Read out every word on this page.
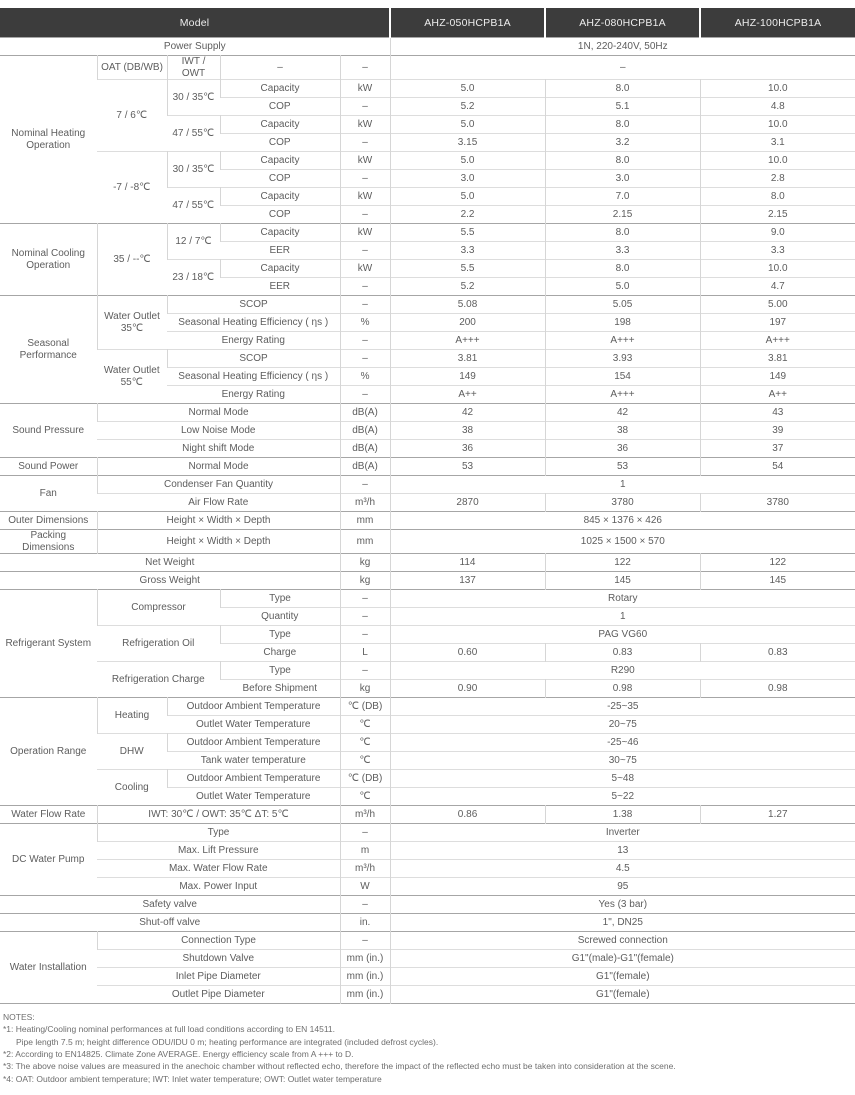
Model					AHZ-050HCPB1A	AHZ-080HCPB1A	AHZ-100HCPB1A
Power Supply					1N, 220-240V, 50Hz		
Nominal Heating Operation	OAT (DB/WB)	IWT / OWT	–	–	–		
	7 / 6℃	30 / 35℃	Capacity	kW	5.0	8.0	10.0
			COP	–	5.2	5.1	4.8
		47 / 55℃	Capacity	kW	5.0	8.0	10.0
			COP	–	3.15	3.2	3.1
	-7 / -8℃	30 / 35℃	Capacity	kW	5.0	8.0	10.0
			COP	–	3.0	3.0	2.8
		47 / 55℃	Capacity	kW	5.0	7.0	8.0
			COP	–	2.2	2.15	2.15
Nominal Cooling Operation	35 / --℃	12 / 7℃	Capacity	kW	5.5	8.0	9.0
			EER	–	3.3	3.3	3.3
		23 / 18℃	Capacity	kW	5.5	8.0	10.0
			EER	–	5.2	5.0	4.7
Seasonal Performance	Water Outlet 35℃	SCOP		–	5.08	5.05	5.00
		Seasonal Heating Efficiency ( ηs )		%	200	198	197
		Energy Rating		–	A+++	A+++	A+++
	Water Outlet 55℃	SCOP		–	3.81	3.93	3.81
		Seasonal Heating Efficiency ( ηs )		%	149	154	149
		Energy Rating		–	A++	A+++	A++
Sound Pressure	Normal Mode			dB(A)	42	42	43
	Low Noise Mode			dB(A)	38	38	39
	Night shift Mode			dB(A)	36	36	37
Sound Power	Normal Mode			dB(A)	53	53	54
Fan	Condenser Fan Quantity			–	1		
	Air Flow Rate			m³/h	2870	3780	3780
Outer Dimensions	Height × Width × Depth			mm	845 × 1376 × 426		
Packing Dimensions	Height × Width × Depth			mm	1025 × 1500 × 570		
Net Weight				kg	114	122	122
Gross Weight				kg	137	145	145
Refrigerant System	Compressor		Type	–	Rotary		
			Quantity	–	1		
	Refrigeration Oil		Type	–	PAG VG60		
			Charge	L	0.60	0.83	0.83
	Refrigeration Charge		Type	–	R290		
			Before Shipment	kg	0.90	0.98	0.98
Operation Range	Heating	Outdoor Ambient Temperature		℃ (DB)	-25~35		
		Outlet Water Temperature		℃	20~75		
	DHW	Outdoor Ambient Temperature		℃	-25~46		
		Tank water temperature		℃	30~75		
	Cooling	Outdoor Ambient Temperature		℃ (DB)	5~48		
		Outlet Water Temperature		℃	5~22		
Water Flow Rate	IWT: 30℃ / OWT: 35℃ ΔT: 5℃			m³/h	0.86	1.38	1.27
DC Water Pump	Type			–	Inverter		
	Max. Lift Pressure			m	13		
	Max. Water Flow Rate			m³/h	4.5		
	Max. Power Input			W	95		
Safety valve				–	Yes (3 bar)		
Shut-off valve				in.	1", DN25		
Water Installation	Connection Type			–	Screwed connection		
	Shutdown Valve			mm (in.)	G1"(male)-G1"(female)		
	Inlet Pipe Diameter			mm (in.)	G1"(female)		
	Outlet Pipe Diameter			mm (in.)	G1"(female)		
NOTES:
*1: Heating/Cooling nominal performances at full load conditions according to EN 14511.
Pipe length 7.5 m; height difference ODU/IDU 0 m; heating performance are integrated (included defrost cycles).
*2: According to EN14825. Climate Zone AVERAGE. Energy efficiency scale from A +++ to D.
*3: The above noise values are measured in the anechoic chamber without reflected echo, therefore the impact of the reflected echo must be taken into consideration at the scene.
*4: OAT: Outdoor ambient temperature; IWT: Inlet water temperature; OWT: Outlet water temperature
